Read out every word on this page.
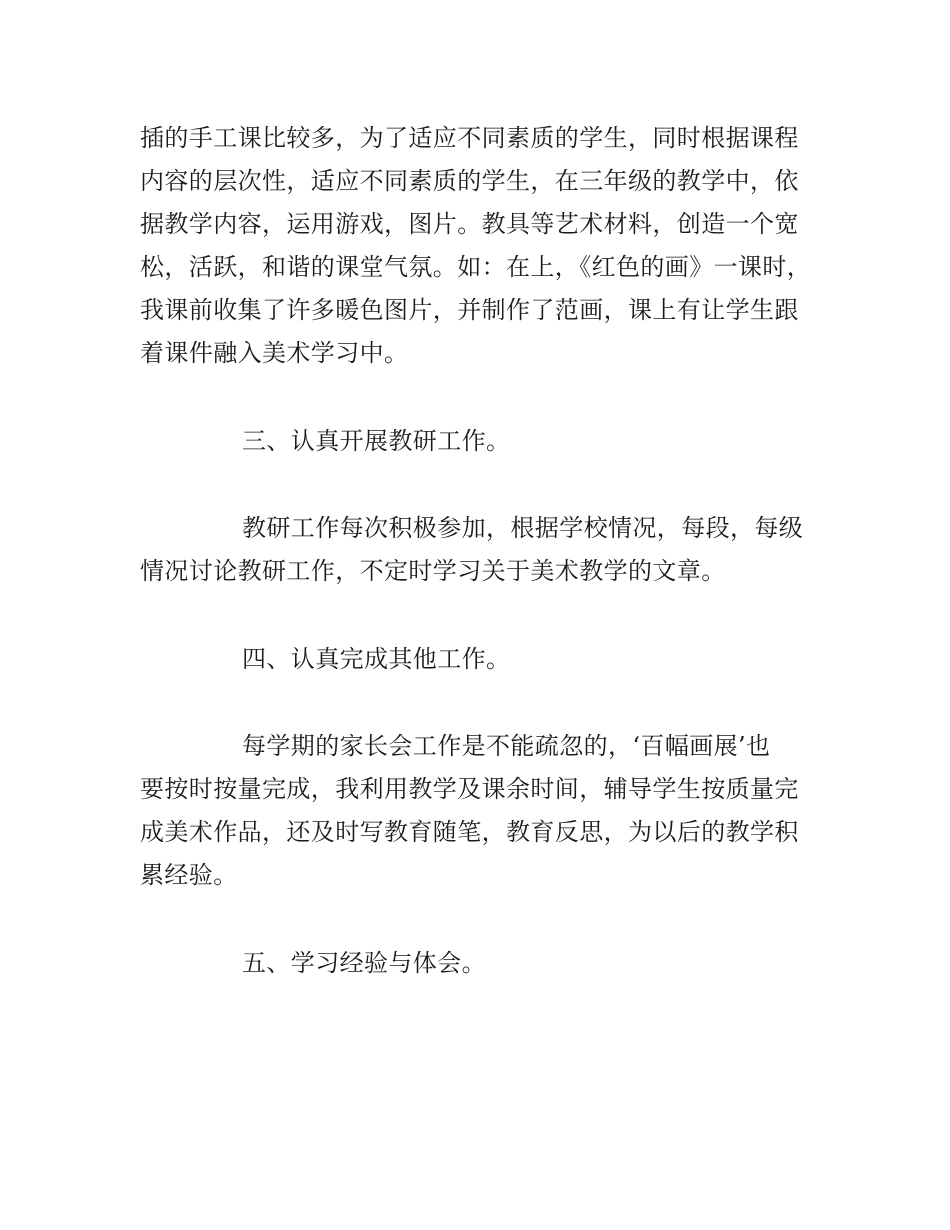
插的手工课比较多，为了适应不同素质的学生，同时根据课程

内容的层次性，适应不同素质的学生，在三年级的教学中，依

据教学内容，运用游戏，图片。教具等艺术材料，创造一个宽

松，活跃，和谐的课堂气氛。如：在上，《红色的画》一课时，

我课前收集了许多暖色图片，并制作了范画，课上有让学生跟

着课件融入美术学习中。

三、认真开展教研工作。

教研工作每次积极参加，根据学校情况，每段，每级

情况讨论教研工作，不定时学习关于美术教学的文章。

四、认真完成其他工作。

每学期的家长会工作是不能疏忽的，‘百幅画展’也

要按时按量完成，我利用教学及课余时间，辅导学生按质量完

成美术作品，还及时写教育随笔，教育反思，为以后的教学积

累经验。

五、学习经验与体会。
